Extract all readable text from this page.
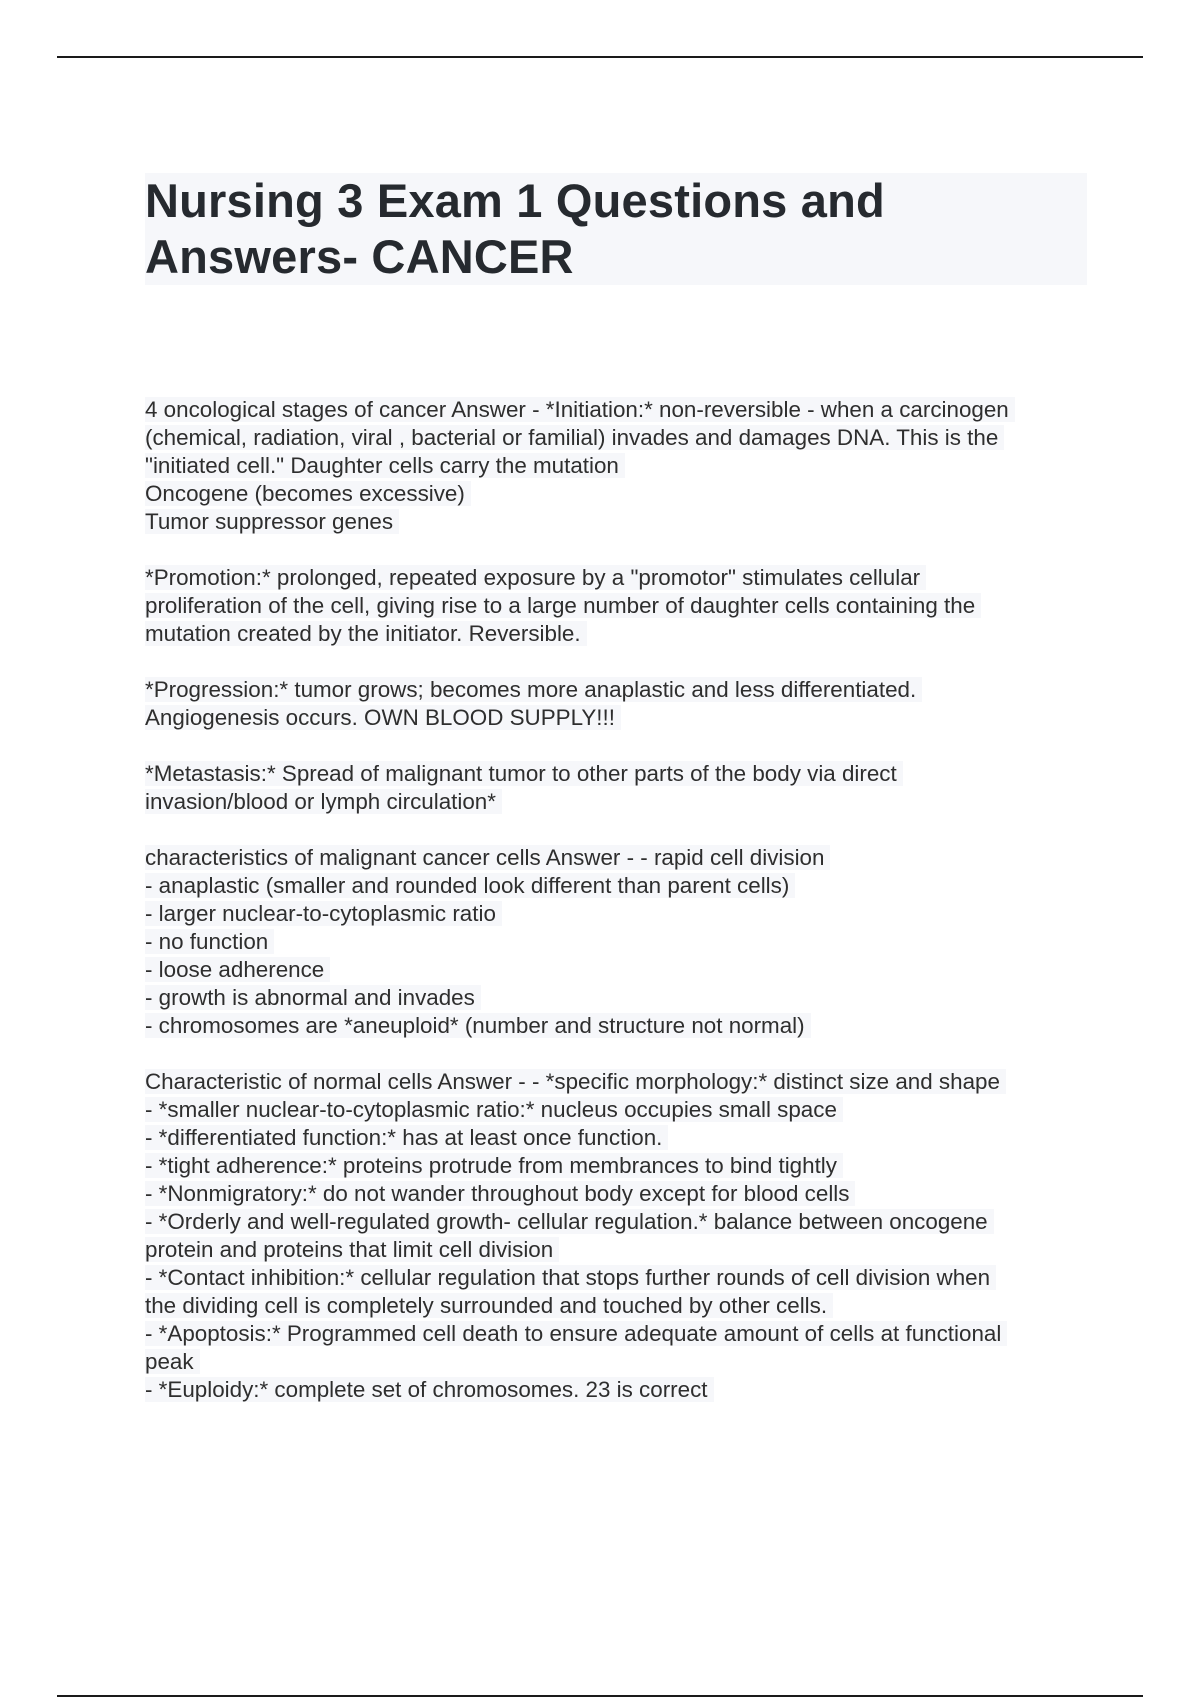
Nursing 3 Exam 1 Questions and

Answers- CANCER

4 oncological stages of cancer Answer - *Initiation:* non-reversible - when a carcinogen
(chemical, radiation, viral , bacterial or familial) invades and damages DNA. This is the
"initiated cell." Daughter cells carry the mutation
Oncogene (becomes excessive)
Tumor suppressor genes
*Promotion:* prolonged, repeated exposure by a "promotor" stimulates cellular
proliferation of the cell, giving rise to a large number of daughter cells containing the
mutation created by the initiator. Reversible.
*Progression:* tumor grows; becomes more anaplastic and less differentiated.
Angiogenesis occurs. OWN BLOOD SUPPLY!!!
*Metastasis:* Spread of malignant tumor to other parts of the body via direct
invasion/blood or lymph circulation*
characteristics of malignant cancer cells Answer - - rapid cell division
- anaplastic (smaller and rounded look different than parent cells)
- larger nuclear-to-cytoplasmic ratio
- no function
- loose adherence
- growth is abnormal and invades
- chromosomes are *aneuploid* (number and structure not normal)
Characteristic of normal cells Answer - - *specific morphology:* distinct size and shape
- *smaller nuclear-to-cytoplasmic ratio:* nucleus occupies small space
- *differentiated function:* has at least once function.
- *tight adherence:* proteins protrude from membrances to bind tightly
- *Nonmigratory:* do not wander throughout body except for blood cells
- *Orderly and well-regulated growth- cellular regulation.* balance between oncogene
protein and proteins that limit cell division
- *Contact inhibition:* cellular regulation that stops further rounds of cell division when
the dividing cell is completely surrounded and touched by other cells.
- *Apoptosis:* Programmed cell death to ensure adequate amount of cells at functional
peak
- *Euploidy:* complete set of chromosomes. 23 is correct
